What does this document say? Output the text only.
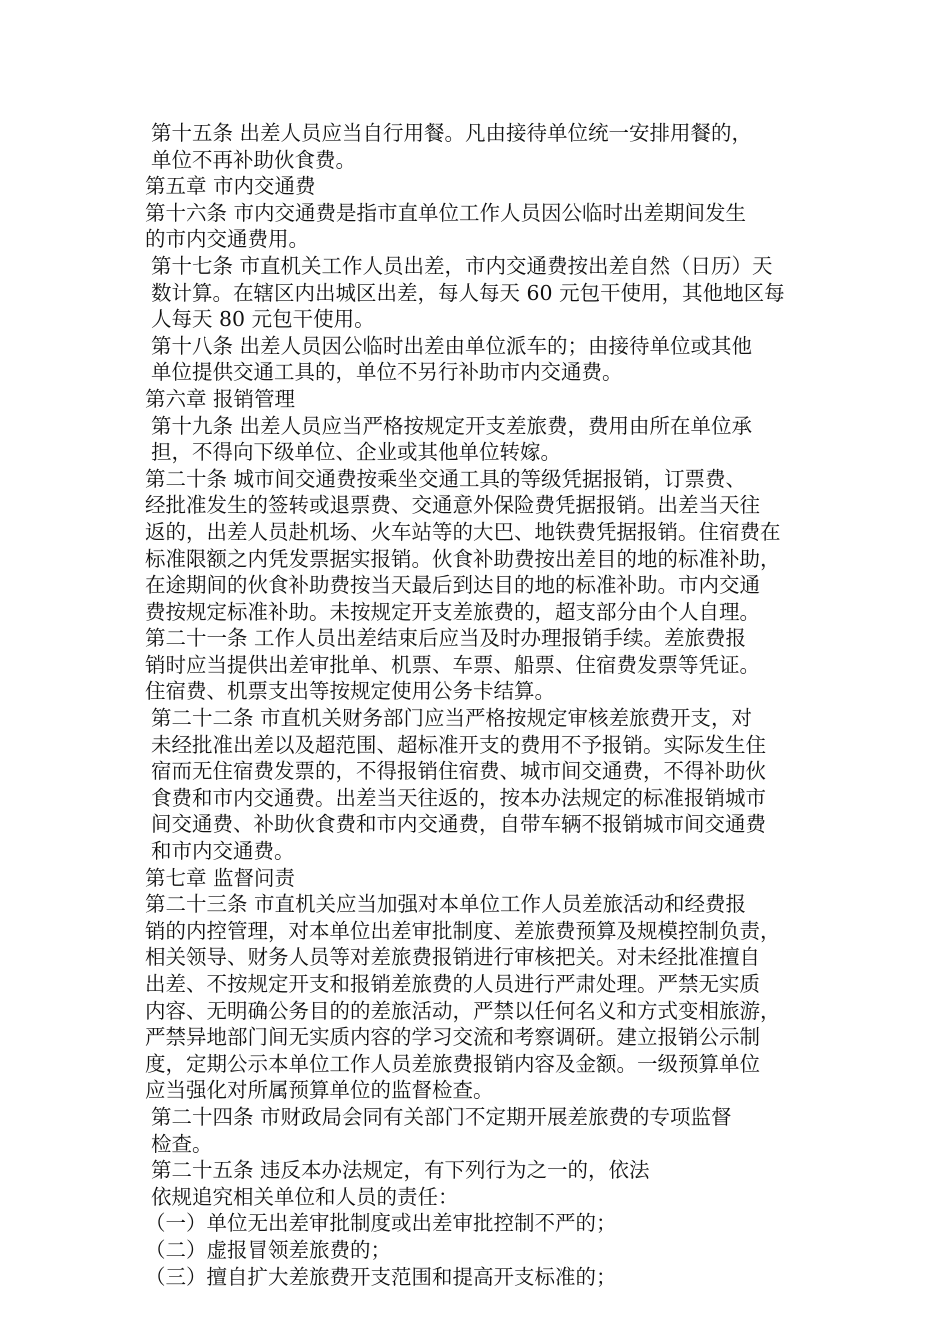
第十五条 出差人员应当自行用餐。凡由接待单位统一安排用餐的，
单位不再补助伙食费。
第五章 市内交通费
第十六条 市内交通费是指市直单位工作人员因公临时出差期间发生
的市内交通费用。
第十七条 市直机关工作人员出差，市内交通费按出差自然（日历）天
数计算。在辖区内出城区出差，每人每天 60 元包干使用，其他地区每
人每天 80 元包干使用。
第十八条 出差人员因公临时出差由单位派车的；由接待单位或其他
单位提供交通工具的，单位不另行补助市内交通费。
第六章 报销管理
第十九条 出差人员应当严格按规定开支差旅费，费用由所在单位承
担，不得向下级单位、企业或其他单位转嫁。
第二十条 城市间交通费按乘坐交通工具的等级凭据报销，订票费、
经批准发生的签转或退票费、交通意外保险费凭据报销。出差当天往
返的，出差人员赴机场、火车站等的大巴、地铁费凭据报销。住宿费在
标准限额之内凭发票据实报销。伙食补助费按出差目的地的标准补助，
在途期间的伙食补助费按当天最后到达目的地的标准补助。市内交通
费按规定标准补助。未按规定开支差旅费的，超支部分由个人自理。
第二十一条 工作人员出差结束后应当及时办理报销手续。差旅费报
销时应当提供出差审批单、机票、车票、船票、住宿费发票等凭证。
住宿费、机票支出等按规定使用公务卡结算。
第二十二条 市直机关财务部门应当严格按规定审核差旅费开支，对
未经批准出差以及超范围、超标准开支的费用不予报销。实际发生住
宿而无住宿费发票的，不得报销住宿费、城市间交通费，不得补助伙
食费和市内交通费。出差当天往返的，按本办法规定的标准报销城市
间交通费、补助伙食费和市内交通费，自带车辆不报销城市间交通费
和市内交通费。
第七章 监督问责
第二十三条 市直机关应当加强对本单位工作人员差旅活动和经费报
销的内控管理，对本单位出差审批制度、差旅费预算及规模控制负责，
相关领导、财务人员等对差旅费报销进行审核把关。对未经批准擅自
出差、不按规定开支和报销差旅费的人员进行严肃处理。严禁无实质
内容、无明确公务目的的差旅活动，严禁以任何名义和方式变相旅游，
严禁异地部门间无实质内容的学习交流和考察调研。建立报销公示制
度，定期公示本单位工作人员差旅费报销内容及金额。一级预算单位
应当强化对所属预算单位的监督检查。
第二十四条 市财政局会同有关部门不定期开展差旅费的专项监督
检查。
第二十五条 违反本办法规定，有下列行为之一的，依法
依规追究相关单位和人员的责任：
（一）单位无出差审批制度或出差审批控制不严的；
（二）虚报冒领差旅费的；
（三）擅自扩大差旅费开支范围和提高开支标准的；
